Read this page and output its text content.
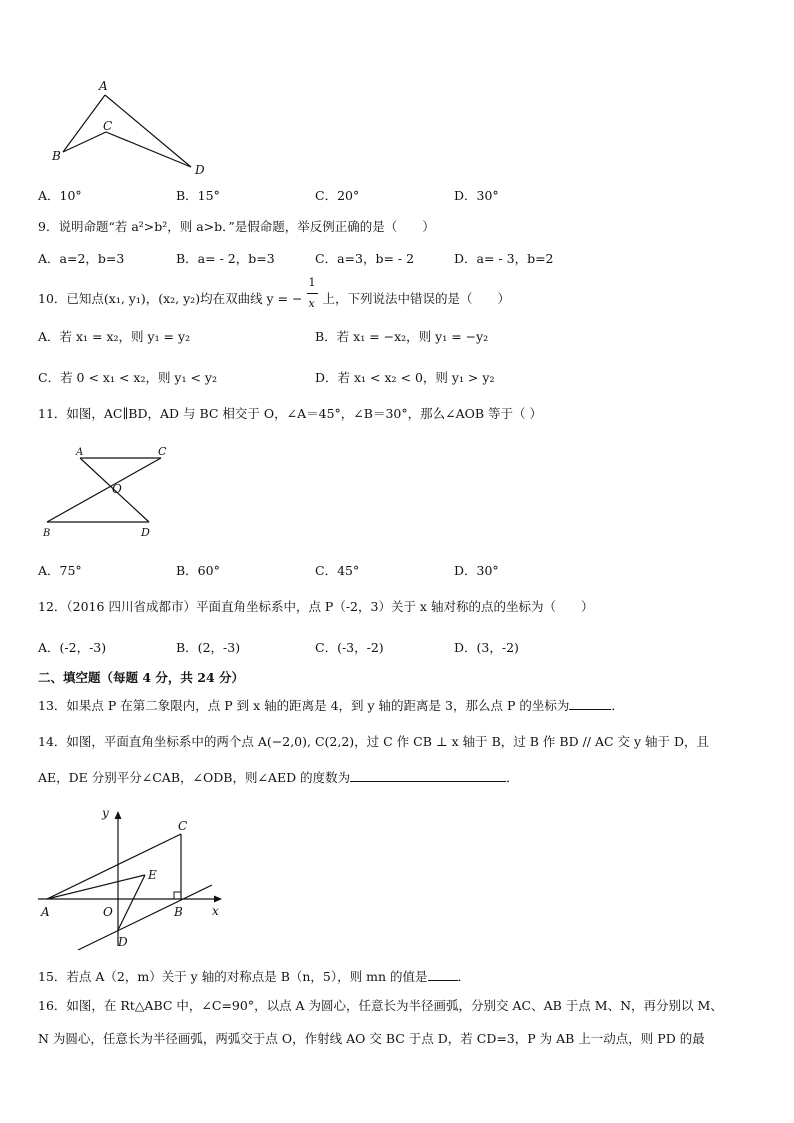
A
C
B
D
A．10°	B．15°	C．20°	D．30°
9．说明命题“若 a²>b²，则 a>b．”是假命题，举反例正确的是（　　）
A．a=2，b=3	B．a= - 2，b=3	C．a=3，b= - 2	D．a= - 3，b=2
10．已知点(x₁, y₁)，(x₂, y₂)均在双曲线 y = − $\frac{1}{x}$ 上，下列说法中错误的是（　　）
A．若 x₁ = x₂，则 y₁ = y₂	B．若 x₁ = −x₂，则 y₁ = −y₂
C．若 0 < x₁ < x₂，则 y₁ < y₂	D．若 x₁ < x₂ < 0，则 y₁ > y₂
11．如图，AC∥BD，AD 与 BC 相交于 O，∠A＝45°，∠B＝30°，那么∠AOB 等于（ ）
A	C
O
B	D
A．75°	B．60°	C．45°	D．30°
12．（2016 四川省成都市）平面直角坐标系中，点 P（-2，3）关于 x 轴对称的点的坐标为（　　）
A．(-2，-3)	B．(2，-3)	C．(-3，-2)	D．(3，-2)
二、填空题（每题 4 分，共 24 分）
13．如果点 P 在第二象限内，点 P 到 x 轴的距离是 4，到 y 轴的距离是 3，那么点 P 的坐标为	．
14．如图，平面直角坐标系中的两个点 A(−2,0), C(2,2)，过 C 作 CB ⊥ x 轴于 B，过 B 作 BD // AC 交 y 轴于 D，且
AE，DE 分别平分∠CAB，∠ODB，则∠AED 的度数为	．
y
x
A	O	B
C
E
D
15．若点 A（2，m）关于 y 轴的对称点是 B（n，5），则 mn 的值是 ．
16．如图，在 Rt△ABC 中，∠C=90°，以点 A 为圆心，任意长为半径画弧，分别交 AC、AB 于点 M、N，再分别以 M、
N 为圆心，任意长为半径画弧，两弧交于点 O，作射线 AO 交 BC 于点 D，若 CD=3，P 为 AB 上一动点，则 PD 的最
